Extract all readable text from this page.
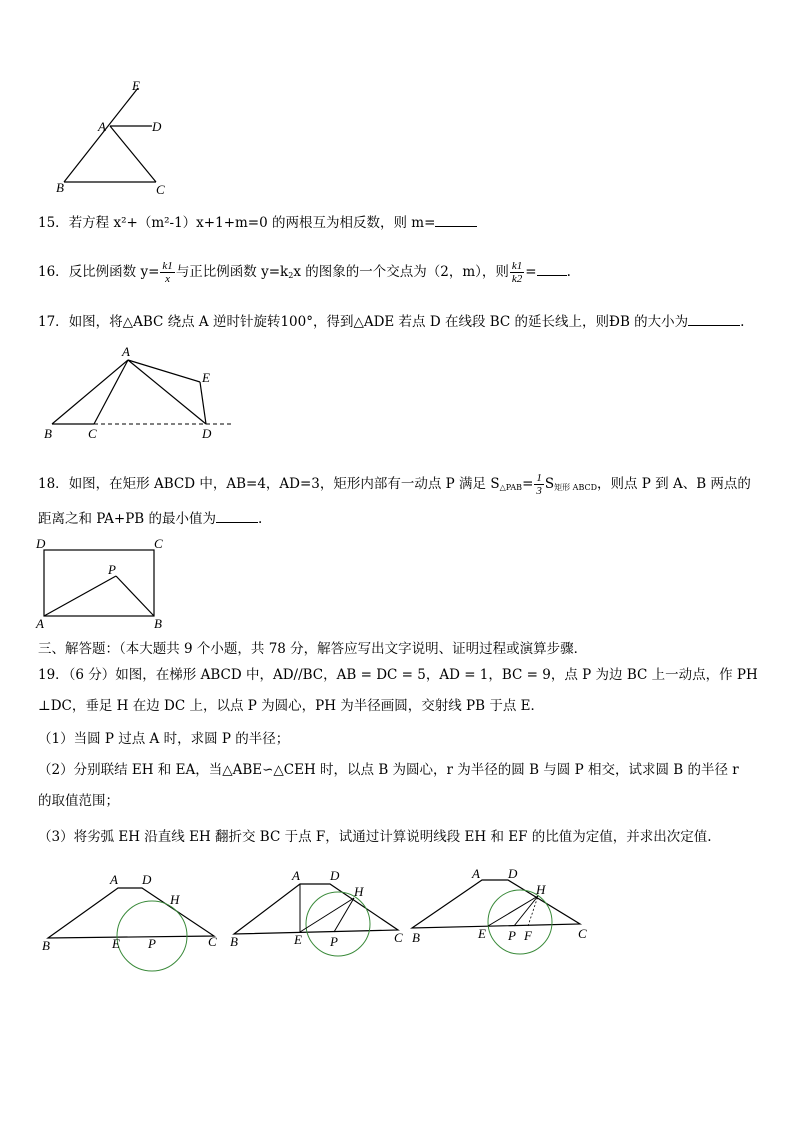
E
A	D
B	C
15．若方程 x²+（m²-1）x+1+m=0 的两根互为相反数，则 m=
16．反比例函数 $y= \frac{k1}{x}$ 与正比例函数 $y=k_2x$ 的图象的一个交点为（2，m），则 $\frac{k1}{k2}$ = .
17．如图，将△ABC 绕点 A 逆时针旋转100°，得到△ADE 若点 D 在线段 BC 的延长线上，则ÐB 的大小为	.
A
E
B	C	D
18．如图，在矩形 ABCD 中，AB=4，AD=3，矩形内部有一动点 P 满足 $S_{\triangle PAB}= \frac{1}{3} S_{矩形 ABCD}$，则点 P 到 A、B 两点的
距离之和 PA+PB 的最小值为	.
D	C
P
A	B
三、解答题：（本大题共 9 个小题，共 78 分，解答应写出文字说明、证明过程或演算步骤．
19．（6 分）如图，在梯形 ABCD 中，AD//BC，AB = DC = 5，AD = 1，BC = 9，点 P 为边 BC 上一动点，作 PH
⊥DC，垂足 H 在边 DC 上，以点 P 为圆心，PH 为半径画圆，交射线 PB 于点 E．
（1）当圆 P 过点 A 时，求圆 P 的半径；
（2）分别联结 EH 和 EA，当△ABE∽△CEH 时，以点 B 为圆心，r 为半径的圆 B 与圆 P 相交，试求圆 B 的半径 r
的取值范围；
（3）将劣弧 EH 沿直线 EH 翻折交 BC 于点 F，试通过计算说明线段 EH 和 EF 的比值为定值，并求出次定值.
A D
H
B	E P	C
A D
H
B	E P	C
A D
H
B	E P F	C
